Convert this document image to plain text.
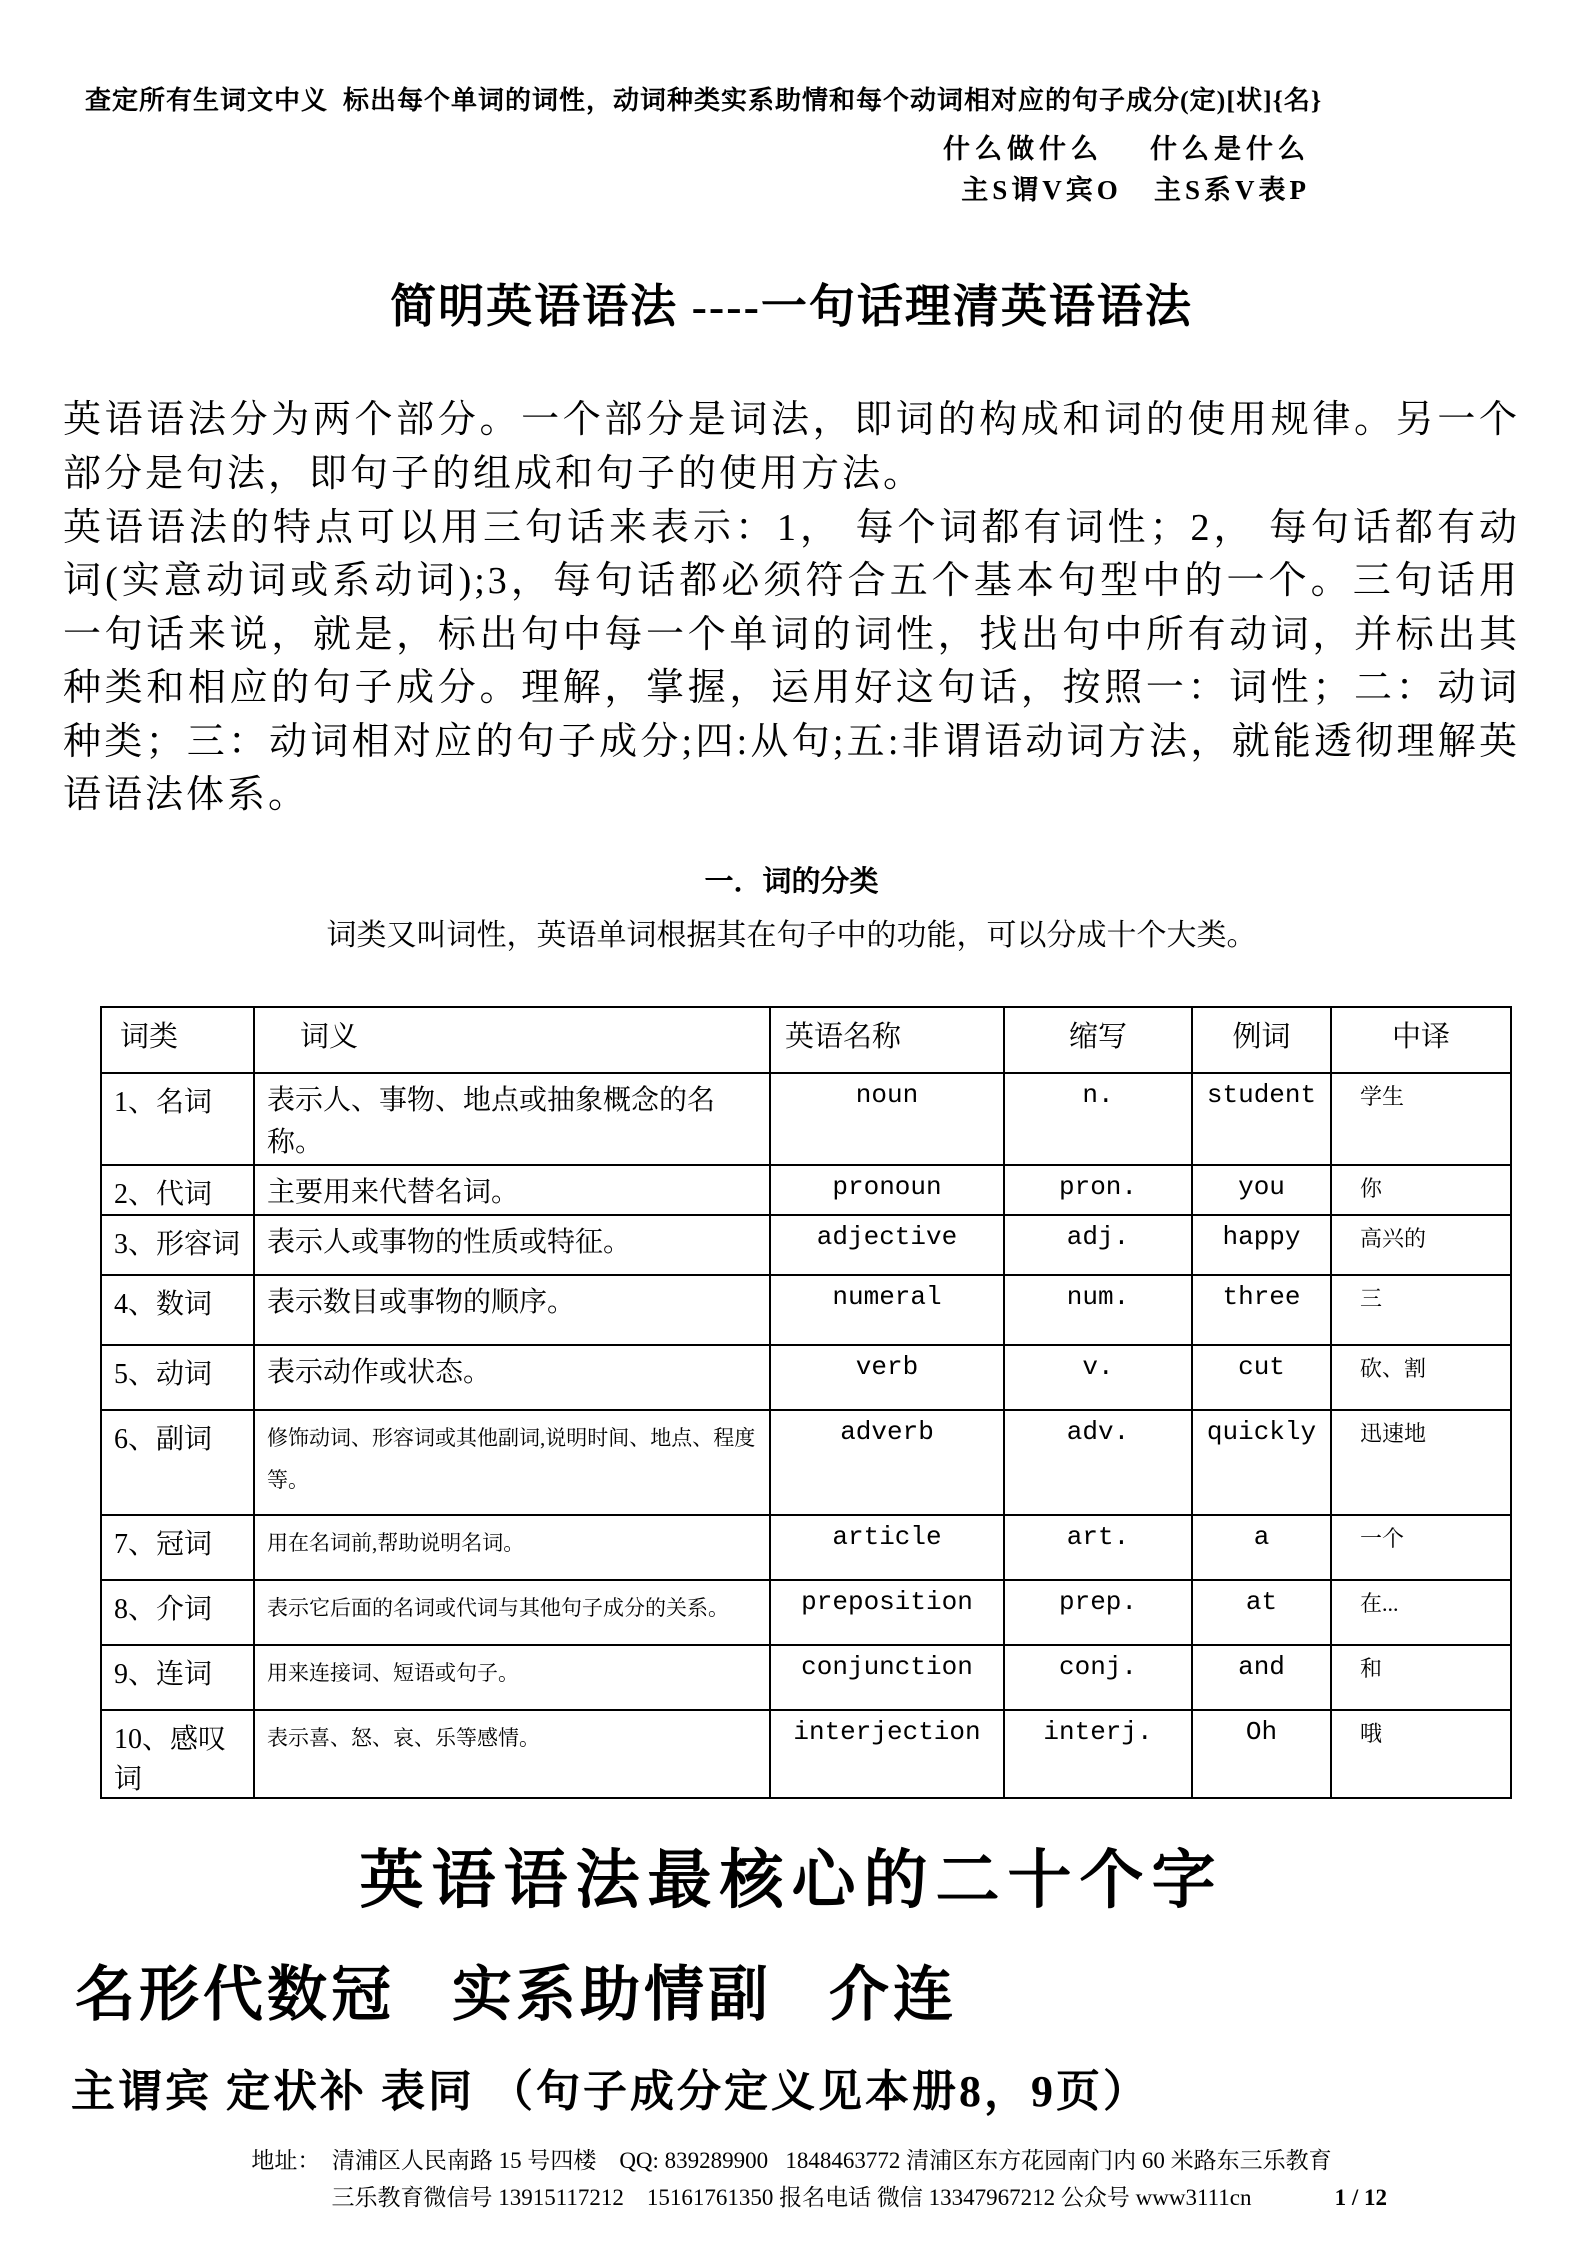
查定所有生词文中义  标出每个单词的词性，动词种类实系助情和每个动词相对应的句子成分(定)[状]{名}
什么做什么    什么是什么
主S谓V宾O   主S系V表P
简明英语语法 ----一句话理清英语语法

英语语法分为两个部分。一个部分是词法，即词的构成和词的使用规律。另一个部分是句法，即句子的组成和句子的使用方法。

英语语法的特点可以用三句话来表示：1， 每个词都有词性；2， 每句话都有动词(实意动词或系动词);3，每句话都必须符合五个基本句型中的一个。三句话用一句话来说，就是，标出句中每一个单词的词性，找出句中所有动词，并标出其种类和相应的句子成分。理解，掌握，运用好这句话，按照一：词性；二：动词种类；三：动词相对应的句子成分;四:从句;五:非谓语动词方法，就能透彻理解英语语法体系。

一．词的分类
词类又叫词性，英语单词根据其在句子中的功能，可以分成十个大类。
词类	词义	英语名称	缩写	例词	中译
1、名词	表示人、事物、地点或抽象概念的名称。	noun	n.	student	学生
2、代词	主要用来代替名词。	pronoun	pron.	you	你
3、形容词	表示人或事物的性质或特征。	adjective	adj.	happy	高兴的
4、数词	表示数目或事物的顺序。	numeral	num.	three	三
5、动词	表示动作或状态。	verb	v.	cut	砍、割
6、副词	修饰动词、形容词或其他副词,说明时间、地点、程度等。	adverb	adv.	quickly	迅速地
7、冠词	用在名词前,帮助说明名词。	article	art.	a	一个
8、介词	表示它后面的名词或代词与其他句子成分的关系。	preposition	prep.	at	在...
9、连词	用来连接词、短语或句子。	conjunction	conj.	and	和
10、感叹词	表示喜、怒、哀、乐等感情。	interjection	interj.	Oh	哦
英语语法最核心的二十个字
名形代数冠   实系助情副   介连
主谓宾 定状补 表同 （句子成分定义见本册8，9页）
地址：  清浦区人民南路 15 号四楼    QQ: 839289900   1848463772 清浦区东方花园南门内 60 米路东三乐教育
三乐教育微信号 13915117212    15161761350 报名电话 微信 13347967212 公众号 www3111cn	1 / 12
